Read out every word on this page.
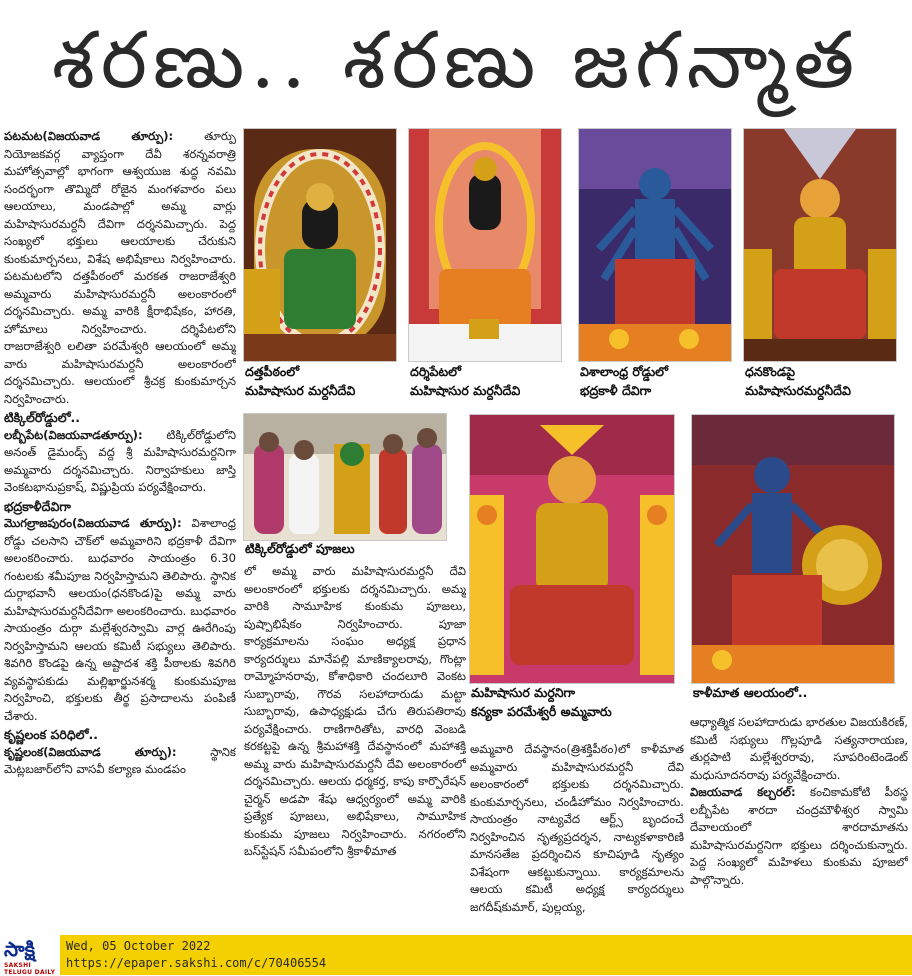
శరణు.. శరణు జగన్మాత

పటమట(విజయవాడ తూర్పు):	తూర్పు నియోజకవర్గ వ్యాప్తంగా దేవీ శరన్నవరాత్రి మహోత్సవాల్లో భాగంగా ఆశ్వయుజ శుద్ధ నవమి సందర్భంగా తొమ్మిదో రోజైన మంగళవారం పలు ఆలయాలు, మండపాల్లో అమ్మ వార్లు మహిషాసురమర్దనీ దేవిగా దర్శనమిచ్చారు. పెద్ద సంఖ్యలో భక్తులు ఆలయాలకు చేరుకుని కుంకుమార్చనలు, విశేష అభిషేకాలు నిర్వహించారు. పటమటలోని దత్తపీఠంలో మరకత రాజరాజేశ్వరి అమ్మవారు మహిషాసురమర్దనీ అలంకారంలో దర్శనమిచ్చారు. అమ్మ వారికి క్షీరాభిషేకం, హారతి, హోమాలు నిర్వహించారు. దర్శిపేటలోని రాజరాజేశ్వరి లలితా పరమేశ్వరి ఆలయంలో అమ్మ వారు మహిషాసురమర్దనీ అలంకారంలో దర్శనమిచ్చారు. ఆలయంలో శ్రీచక్ర కుంకుమార్చన నిర్వహించారు.

టిక్కిల్‌రోడ్డులో..

లబ్బీపేట(విజయవాడతూర్పు): టిక్కిల్‌రోడ్డులోని అనంత్ డైమండ్స్ వద్ద శ్రీ మహిషాసురమర్దనిగా అమ్మవారు దర్శనమిచ్చారు. నిర్వాహకులు జాస్తి వెంకటభానుప్రకాష్, విష్ణుప్రియ పర్యవేక్షించారు.

భద్రకాళీదేవిగా

మొగల్రాజపురం(విజయవాడ తూర్పు): విశాలాంధ్ర రోడ్డు చలసాని చౌక్‌లో అమ్మవారిని భద్రకాళీ దేవిగా అలంకరించారు. బుధవారం సాయంత్రం 6.30 గంటలకు శమీపూజ నిర్వహిస్తామని తెలిపారు. స్థానిక దుర్గాభవానీ ఆలయం(ధనకొండ)పై అమ్మ వారు మహిషాసురమర్దనీదేవిగా అలంకరించారు. బుధవారం సాయంత్రం దుర్గా మల్లేశ్వరస్వామి వార్ల ఊరేగింపు నిర్వహిస్తామని ఆలయ కమిటీ సభ్యులు తెలిపారు. శివగిరి కొండపై ఉన్న అష్టాదశ శక్తి పీఠాలకు శివగిరి వ్యవస్థాపకుడు మల్లిఖార్జునశర్మ కుంకుమపూజ నిర్వహించి, భక్తులకు తీర్థ ప్రసాదాలను పంపిణీ చేశారు.

కృష్ణలంక పరిధిలో..

కృష్ణలంక(విజయవాడ తూర్పు):	స్థానిక మెట్లబజార్‌లోని వాసవీ కల్యాణ మండపం

దత్తపీఠంలో
మహిషాసుర మర్దనీదేవి
దర్శిపేటలో
మహిషాసుర మర్దనీదేవి
విశాలాంధ్ర రోడ్డులో
భద్రకాళీ దేవిగా
ధనకొండపై
మహిషాసురమర్దనీదేవి
టిక్కిల్‌రోడ్డులో పూజలు
మహిషాసుర మర్దనిగా
కన్యకా పరమేశ్వరీ అమ్మవారు
కాళీమాత ఆలయంలో..

లో అమ్మ వారు మహిషాసురమర్దనీ దేవి అలంకారంలో భక్తులకు దర్శనమిచ్చారు. అమ్మ వారికి సామూహిక కుంకుమ పూజలు, పుష్పాభిషేకం నిర్వహించారు. పూజా కార్యక్రమాలను సంఘం అధ్యక్ష ప్రధాన కార్యదర్శులు మానేపల్లి మాణిక్యాలరావు, గొంట్లా రామ్మోహనరావు, కోశాధికారి చందలూరి వెంకట సుబ్బారావు, గౌరవ సలహాదారుడు మట్టా సుబ్బారావు, ఉపాధ్యక్షుడు చేగు తిరుపతిరావు పర్యవేక్షించారు. రాణిగారితోట, వారధి వెంబడి కరకట్టపై ఉన్న శ్రీమహాశక్తి దేవస్థానంలో మహాశక్తి అమ్మ వారు మహిషాసురమర్దనీ దేవి అలంకారంలో దర్శనమిచ్చారు. ఆలయ ధర్మకర్త, కాపు కార్పొరేషన్ చైర్మన్ అడపా శేషు ఆధ్వర్యంలో అమ్మ వారికి ప్రత్యేక పూజలు, అభిషేకాలు, సామూహిక కుంకుమ పూజలు నిర్వహించారు. నగరంలోని బస్‌స్టేషన్ సమీపంలోని శ్రీకాళీమాత

అమ్మవారి దేవస్థానం(త్రిశక్తిపీఠం)లో కాళీమాత అమ్మవారు మహిషాసురమర్దనీ దేవి అలంకారంలో భక్తులకు దర్శనమిచ్చారు. కుంకుమార్చనలు, చండీహోమం నిర్వహించారు. సాయంత్రం నాట్యవేద ఆర్ట్స్ బృందంచే నిర్వహించిన నృత్యప్రదర్శన, నాట్యకళాకారిణి మానసతేజ ప్రదర్శించిన కూచిపూడి నృత్యం విశేషంగా ఆకట్టుకున్నాయి. కార్యక్రమాలను ఆలయ కమిటీ అధ్యక్ష కార్యదర్శులు జగదీష్‌కుమార్, పుల్లయ్య,

ఆధ్యాత్మిక సలహాదారుడు భారతుల విజయకిరణ్, కమిటీ సభ్యులు గొల్లపూడి సత్యనారాయణ, తుర్లపాటి మల్లేశ్వరరావు, సూపరింటెండెంట్ మధుసూదనరావు పర్యవేక్షించారు.

విజయవాడ కల్చరల్: కంచికామకోటి పీఠస్థ లబ్బీపేట శారదా చంద్రమౌళీశ్వర స్వామి దేవాలయంలో శారదామాతను మహిషాసురమర్దనిగా భక్తులు దర్శించుకున్నారు. పెద్ద సంఖ్యలో మహిళలు కుంకుమ పూజలో పాల్గొన్నారు.

సాక్షి
SAKSHI TELUGU DAILY
Wed, 05 October 2022
https://epaper.sakshi.com/c/70406554
